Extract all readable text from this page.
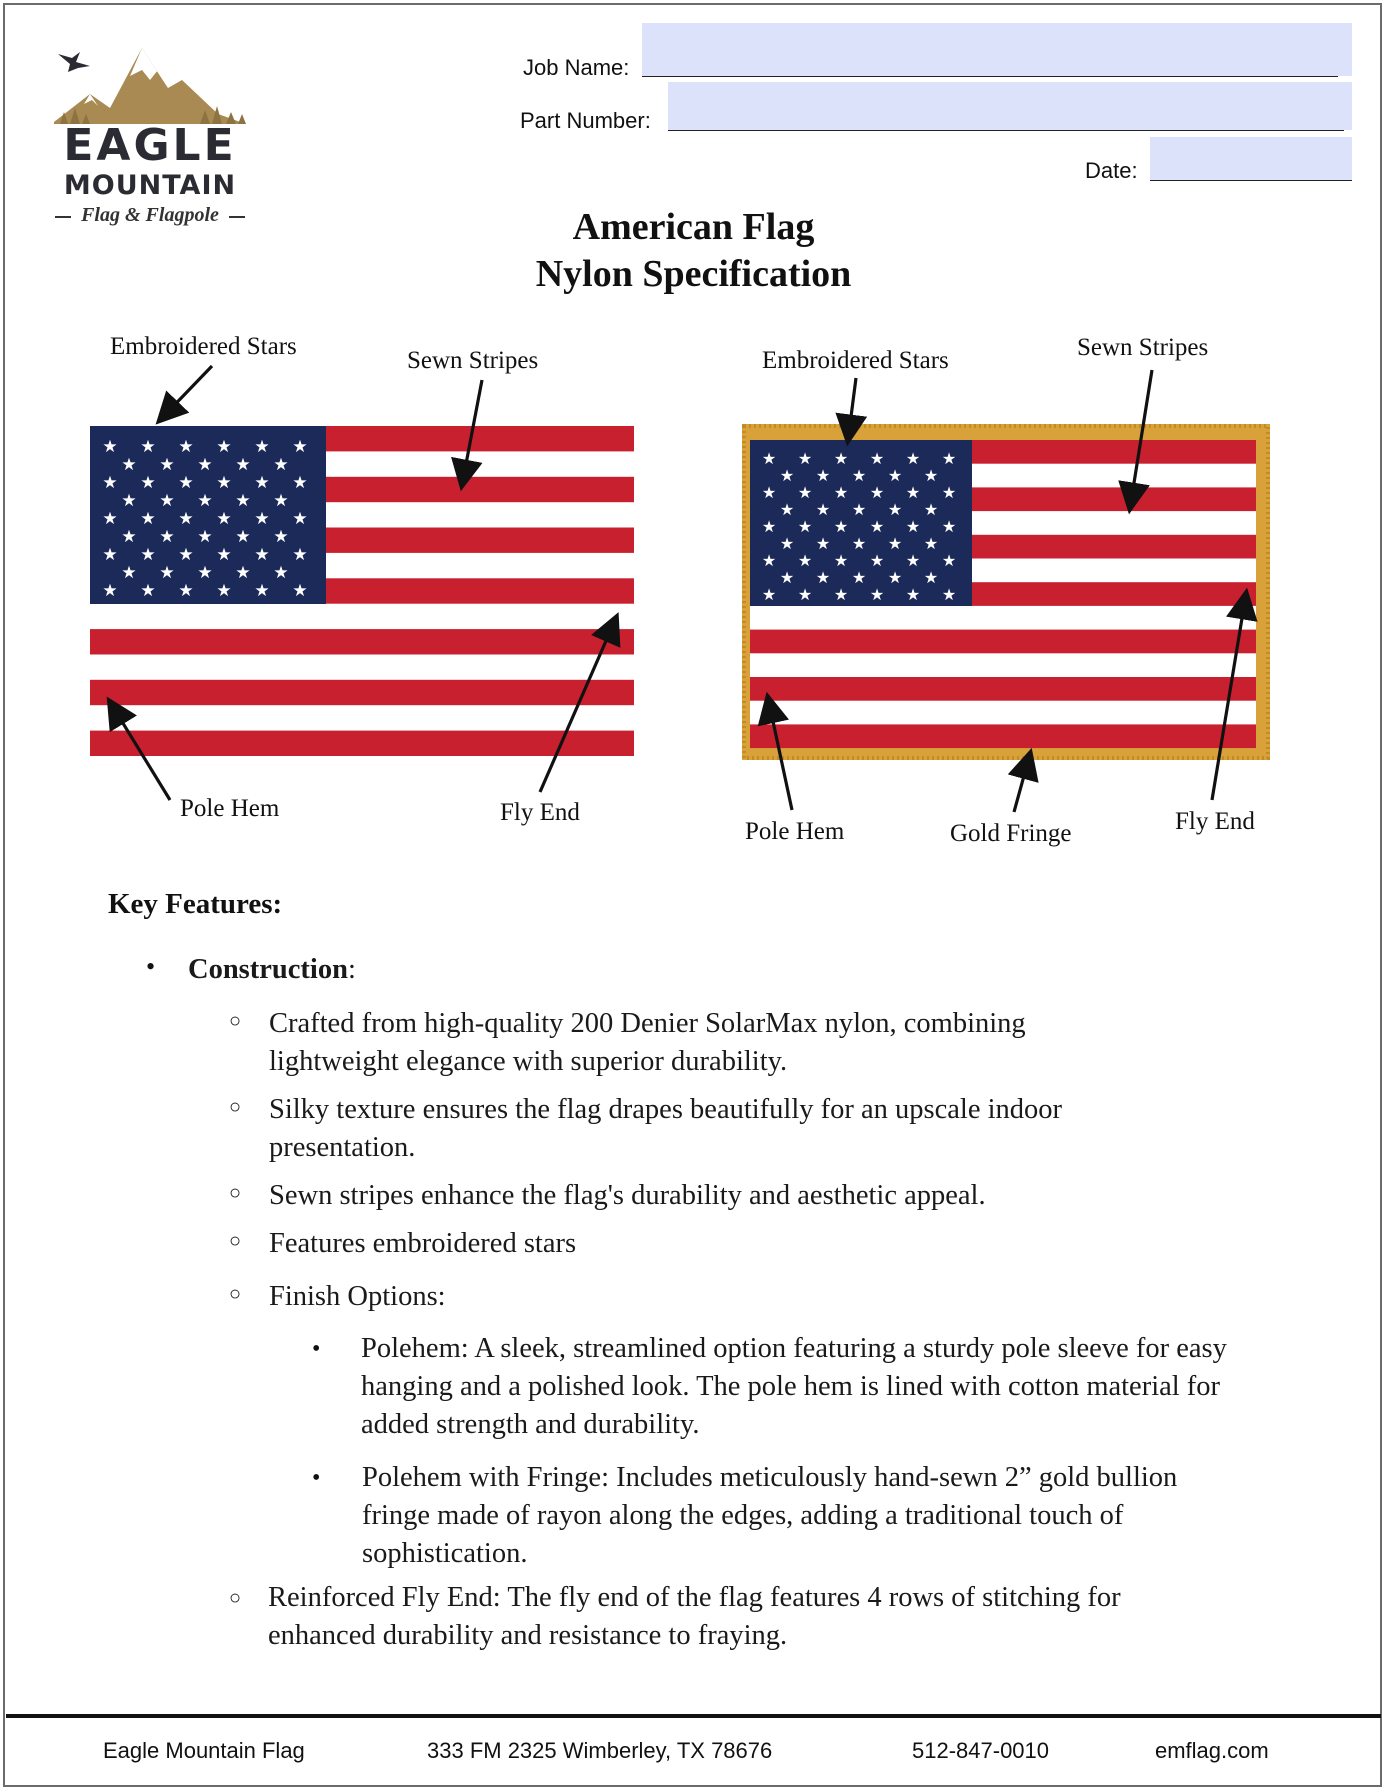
EAGLE
MOUNTAIN
Flag & Flagpole
Job Name:
Part Number:
Date:
American Flag
Nylon Specification
★ ★ ★ ★ ★ ★
★ ★ ★ ★ ★
★ ★ ★ ★ ★ ★
★ ★ ★ ★ ★
★ ★ ★ ★ ★ ★
★ ★ ★ ★ ★
★ ★ ★ ★ ★ ★
★ ★ ★ ★ ★
★ ★ ★ ★ ★ ★
★ ★ ★ ★ ★ ★
★ ★ ★ ★ ★
★ ★ ★ ★ ★ ★
★ ★ ★ ★ ★
★ ★ ★ ★ ★ ★
★ ★ ★ ★ ★
★ ★ ★ ★ ★ ★
★ ★ ★ ★ ★
★ ★ ★ ★ ★ ★
Embroidered Stars
Sewn Stripes
Pole Hem	Fly End
Embroidered Stars	Sewn Stripes
Pole Hem	Gold Fringe	Fly End
Key Features:
• Construction:
○ Crafted from high-quality 200 Denier SolarMax nylon, combining lightweight elegance with superior durability.
○ Silky texture ensures the flag drapes beautifully for an upscale indoor presentation.
○ Sewn stripes enhance the flag's durability and aesthetic appeal.
○ Features embroidered stars
○ Finish Options:
• Polehem: A sleek, streamlined option featuring a sturdy pole sleeve for easy hanging and a polished look. The pole hem is lined with cotton material for added strength and durability.
• Polehem with Fringe: Includes meticulously hand-sewn 2” gold bullion fringe made of rayon along the edges, adding a traditional touch of sophistication.
○ Reinforced Fly End: The fly end of the flag features 4 rows of stitching for enhanced durability and resistance to fraying.
Eagle Mountain Flag	333 FM 2325 Wimberley, TX 78676	512-847-0010	emflag.com
